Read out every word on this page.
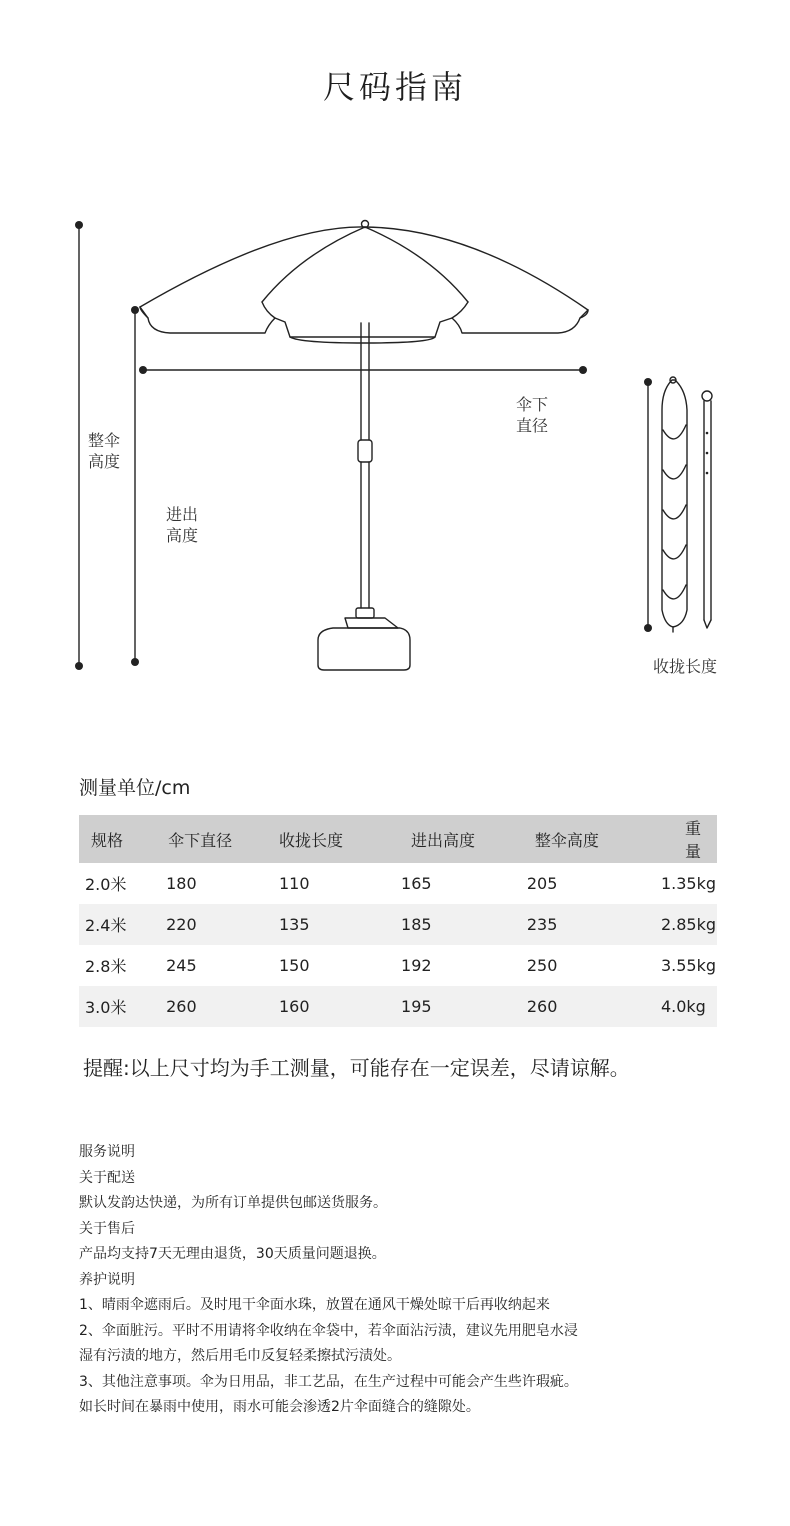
尺码指南
整伞
高度
进出
高度
伞下
直径
收拢长度
测量单位/cm
规格	伞下直径	收拢长度	进出高度	整伞高度	重量
2.0米	180	110	165	205	1.35kg
2.4米	220	135	185	235	2.85kg
2.8米	245	150	192	250	3.55kg
3.0米	260	160	195	260	4.0kg
提醒:以上尺寸均为手工测量，可能存在一定误差，尽请谅解。
服务说明
关于配送
默认发韵达快递，为所有订单提供包邮送货服务。
关于售后
产品均支持7天无理由退货，30天质量问题退换。
养护说明
1、晴雨伞遮雨后。及时甩干伞面水珠，放置在通风干燥处晾干后再收纳起来
2、伞面脏污。平时不用请将伞收纳在伞袋中，若伞面沾污渍，建议先用肥皂水浸
湿有污渍的地方，然后用毛巾反复轻柔擦拭污渍处。
3、其他注意事项。伞为日用品，非工艺品，在生产过程中可能会产生些许瑕疵。
如长时间在暴雨中使用，雨水可能会渗透2片伞面缝合的缝隙处。
